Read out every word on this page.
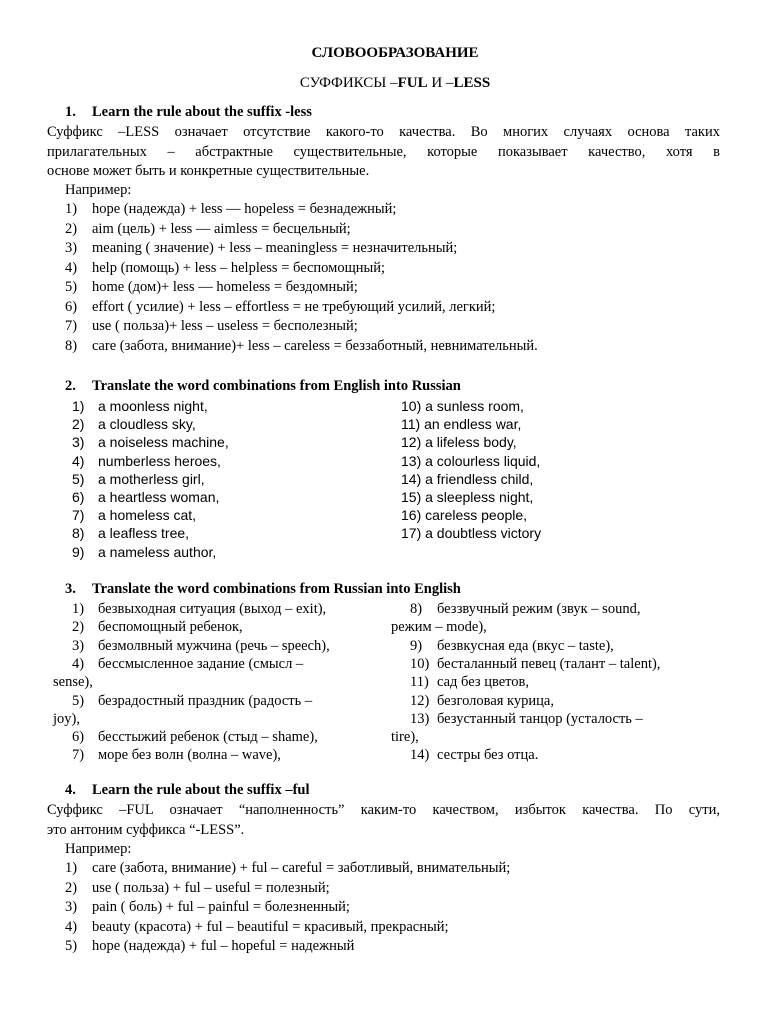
СЛОВООБРАЗОВАНИЕ
СУФФИКСЫ –FUL И –LESS
1. Learn the rule about the suffix -less
Суффикс –LESS означает отсутствие какого-то качества. Во многих случаях основа таких
прилагательных – абстрактные существительные, которые показывает качество, хотя в
основе может быть и конкретные существительные.
Например:
1) hope (надежда) + less — hopeless = безнадежный;
2) aim (цель) + less — aimless = бесцельный;
3) meaning ( значение) + less – meaningless = незначительный;
4) help (помощь) + less – helpless = беспомощный;
5) home (дом)+ less — homeless = бездомный;
6) effort ( усилие) + less – effortless = не требующий усилий, легкий;
7) use ( польза)+ less – useless = бесполезный;
8) care (забота, внимание)+ less – careless = беззаботный, невнимательный.
2. Translate the word combinations from English into Russian
1) a moonless night,
2) a cloudless sky,
3) a noiseless machine,
4) numberless heroes,
5) a motherless girl,
6) a heartless woman,
7) a homeless cat,
8) a leafless tree,
9) a nameless author,
10) a sunless room,
11) an endless war,
12) a lifeless body,
13) a colourless liquid,
14) a friendless child,
15) a sleepless night,
16) careless people,
17) a doubtless victory
3. Translate the word combinations from Russian into English
1) безвыходная ситуация (выход – exit),
2) беспомощный ребенок,
3) безмолвный мужчина (речь – speech),
4) бессмысленное задание (смысл –
sense),
5) безрадостный праздник (радость –
joy),
6) бесстыжий ребенок (стыд – shame),
7) море без волн (волна – wave),
8) беззвучный режим (звук – sound,
режим – mode),
9) безвкусная еда (вкус – taste),
10) бесталанный певец (талант – talent),
11) сад без цветов,
12) безголовая курица,
13) безустанный танцор (усталость –
tire),
14) сестры без отца.
4. Learn the rule about the suffix –ful
Суффикс –FUL означает “наполненность” каким-то качеством, избыток качества. По сути,
это антоним суффикса “-LESS”.
Например:
1) care (забота, внимание) + ful – careful = заботливый, внимательный;
2) use ( польза) + ful – useful = полезный;
3) pain ( боль) + ful – painful = болезненный;
4) beauty (красота) + ful – beautiful = красивый, прекрасный;
5) hope (надежда) + ful – hopeful = надежный
